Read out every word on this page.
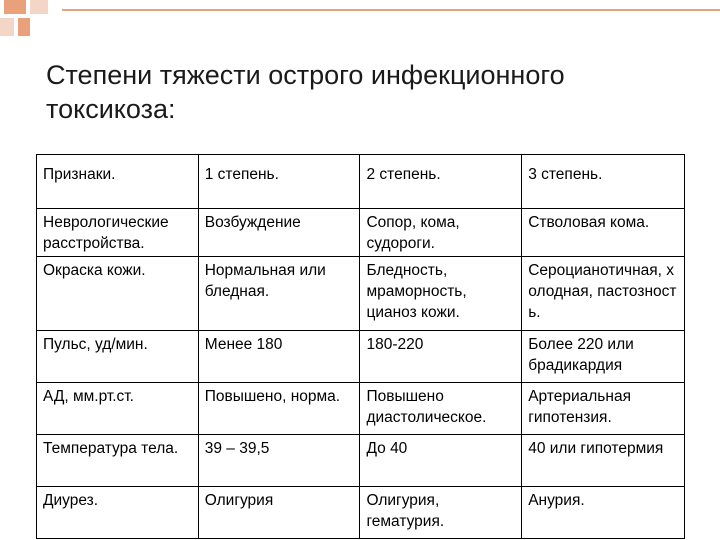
Степени тяжести острого инфекционного токсикоза:
Признаки.	1 степень.	2 степень.	3 степень.
Неврологические расстройства.	Возбуждение	Сопор, кома, судороги.	Стволовая кома.
Окраска кожи.	Нормальная или бледная.	Бледность, мраморность, цианоз кожи.	Сероцианотичная, холодная, пастозность.
Пульс, уд/мин.	Менее 180	180-220	Более 220 или брадикардия
АД, мм.рт.ст.	Повышено, норма.	Повышено диастолическое.	Артериальная гипотензия.
Температура тела.	39 – 39,5	До 40	40 или гипотермия
Диурез.	Олигурия	Олигурия, гематурия.	Анурия.
